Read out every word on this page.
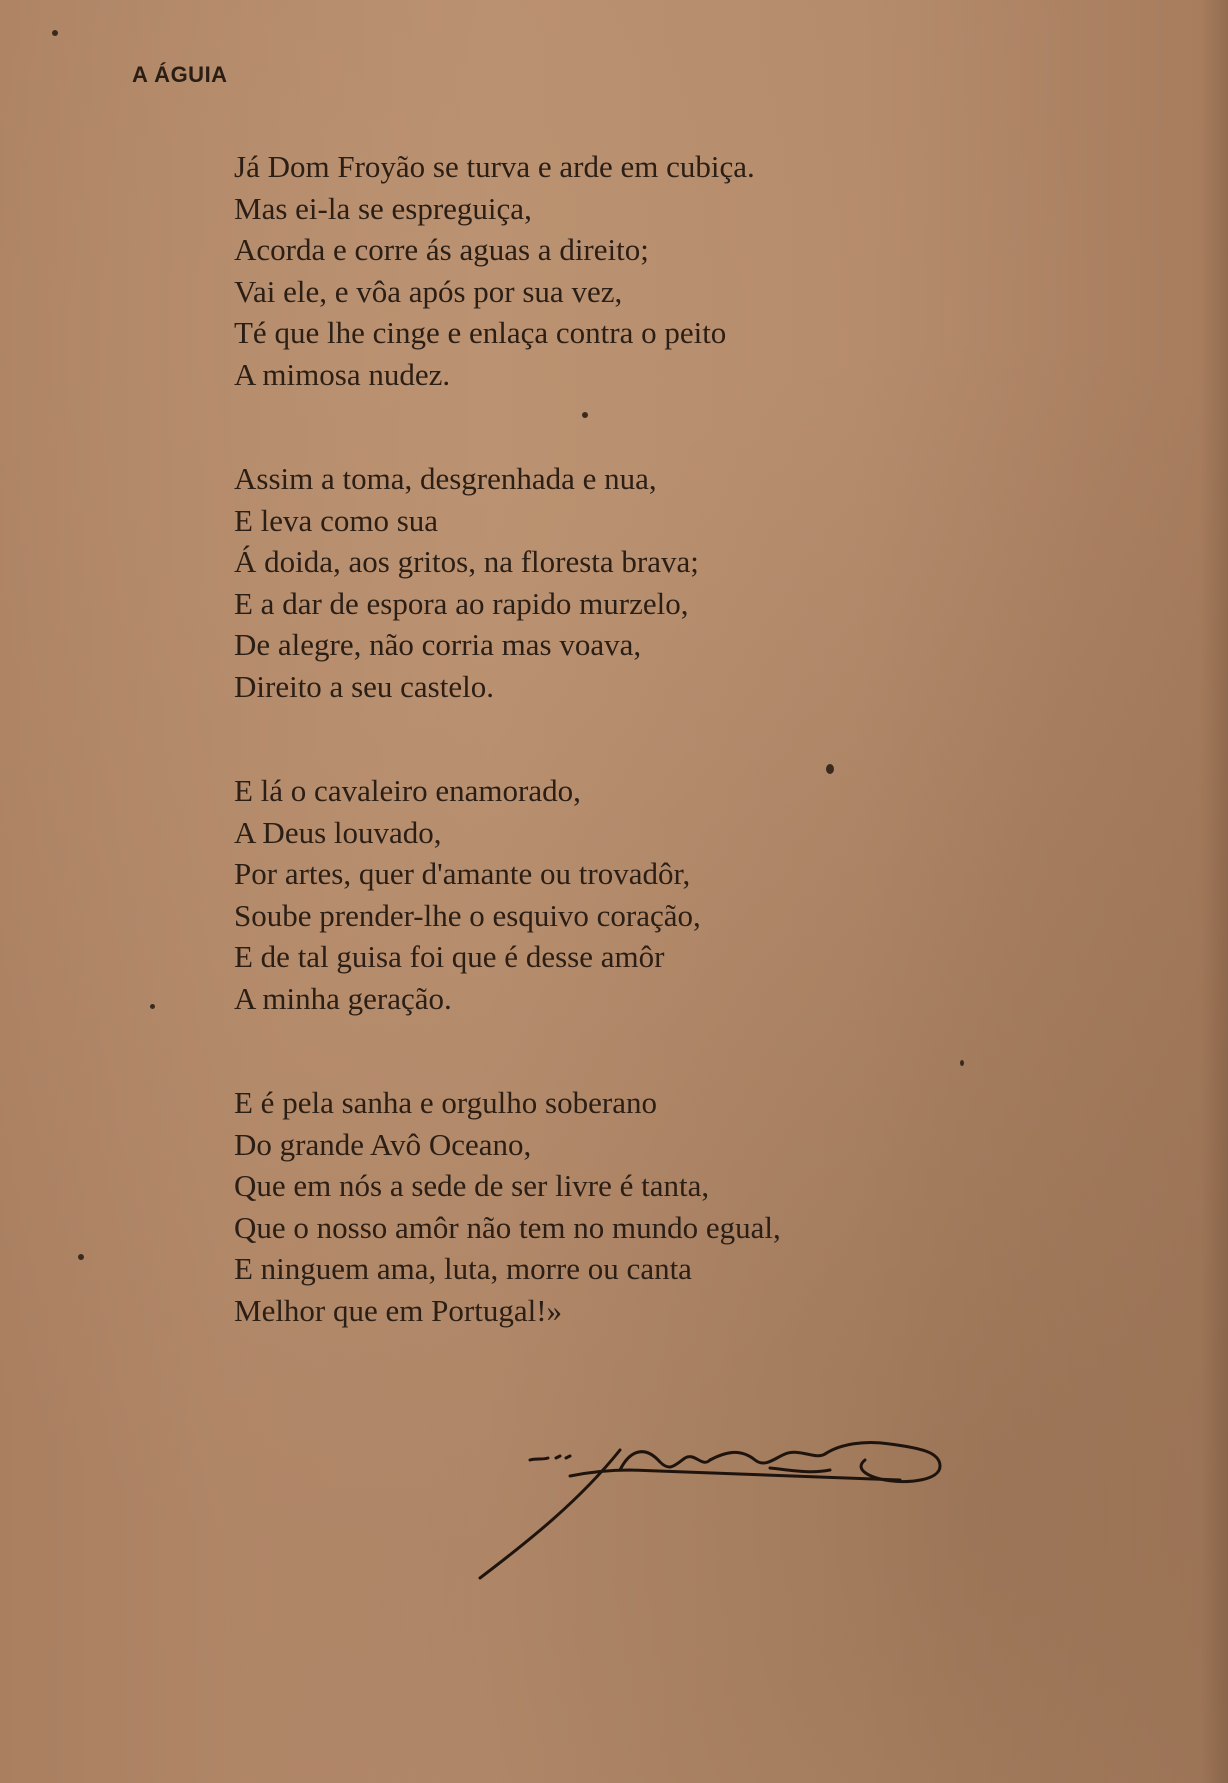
A ÁGUIA
Já Dom Froyão se turva e arde em cubiça.
Mas ei-la se espreguiça,
Acorda e corre ás aguas a direito;
Vai ele, e vôa após por sua vez,
Té que lhe cinge e enlaça contra o peito
A mimosa nudez.
Assim a toma, desgrenhada e nua,
E leva como sua
Á doida, aos gritos, na floresta brava;
E a dar de espora ao rapido murzelo,
De alegre, não corria mas voava,
Direito a seu castelo.
E lá o cavaleiro enamorado,
A Deus louvado,
Por artes, quer d'amante ou trovadôr,
Soube prender-lhe o esquivo coração,
E de tal guisa foi que é desse amôr
A minha geração.
E é pela sanha e orgulho soberano
Do grande Avô Oceano,
Que em nós a sede de ser livre é tanta,
Que o nosso amôr não tem no mundo egual,
E ninguem ama, luta, morre ou canta
Melhor que em Portugal!»
